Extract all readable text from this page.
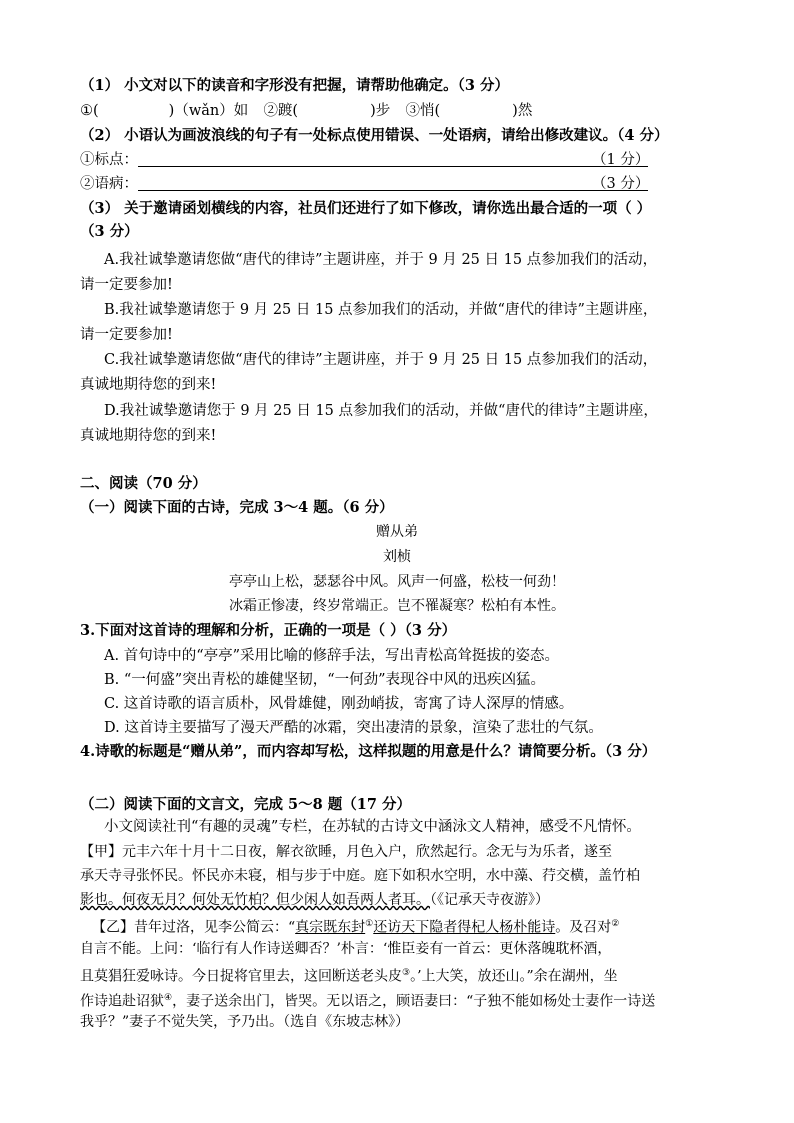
（1） 小文对以下的读音和字形没有把握，请帮助他确定。（3 分）
①(	)（wǎn）如 ②踱(	)步 ③悄(	)然
（2） 小语认为画波浪线的句子有一处标点使用错误、一处语病，请给出修改建议。（4 分）
①标点：	（1 分）
②语病：	（3 分）
（3） 关于邀请函划横线的内容，社员们还进行了如下修改，请你选出最合适的一项（ ）
（3 分）
A.我社诚挚邀请您做“唐代的律诗”主题讲座，并于 9 月 25 日 15 点参加我们的活动，
请一定要参加!
B.我社诚挚邀请您于 9 月 25 日 15 点参加我们的活动，并做“唐代的律诗”主题讲座，
请一定要参加!
C.我社诚挚邀请您做“唐代的律诗”主题讲座，并于 9 月 25 日 15 点参加我们的活动，
真诚地期待您的到来!
D.我社诚挚邀请您于 9 月 25 日 15 点参加我们的活动，并做“唐代的律诗”主题讲座，
真诚地期待您的到来!
二、阅读（70 分）
（一）阅读下面的古诗，完成 3～4 题。（6 分）
赠从弟
刘桢
亭亭山上松，瑟瑟谷中风。风声一何盛，松枝一何劲！
冰霜正惨凄，终岁常端正。岂不罹凝寒？松柏有本性。
3.下面对这首诗的理解和分析，正确的一项是（ ）（3 分）
A. 首句诗中的“亭亭”采用比喻的修辞手法，写出青松高耸挺拔的姿态。
B. “一何盛”突出青松的雄健坚韧，“一何劲”表现谷中风的迅疾凶猛。
C. 这首诗歌的语言质朴，风骨雄健，刚劲峭拔，寄寓了诗人深厚的情感。
D. 这首诗主要描写了漫天严酷的冰霜，突出凄清的景象，渲染了悲壮的气氛。
4.诗歌的标题是“赠从弟”，而内容却写松，这样拟题的用意是什么？请简要分析。（3 分）
（二）阅读下面的文言文，完成 5～8 题（17 分）
小文阅读社刊“有趣的灵魂”专栏，在苏轼的古诗文中涵泳文人精神，感受不凡情怀。
【甲】元丰六年十月十二日夜，解衣欲睡，月色入户，欣然起行。念无与为乐者，遂至
承天寺寻张怀民。怀民亦未寝，相与步于中庭。庭下如积水空明，水中藻、荇交横，盖竹柏
影也。何夜无月？何处无竹柏？但少闲人如吾两人者耳。（《记承天寺夜游》）
【乙】昔年过洛，见李公简云：“真宗既东封①还访天下隐者得杞人杨朴能诗。及召对②
自言不能。上问：‘临行有人作诗送卿否？’朴言：‘惟臣妾有一首云：更休落魄耽杯酒，
且莫猖狂爱咏诗。今日捉将官里去，这回断送老头皮③。’上大笑，放还山。”余在湖州，坐
作诗追赴诏狱④，妻子送余出门，皆哭。无以语之，顾语妻曰：“子独不能如杨处士妻作一诗送
我乎？”妻子不觉失笑，予乃出。（选自《东坡志林》）
